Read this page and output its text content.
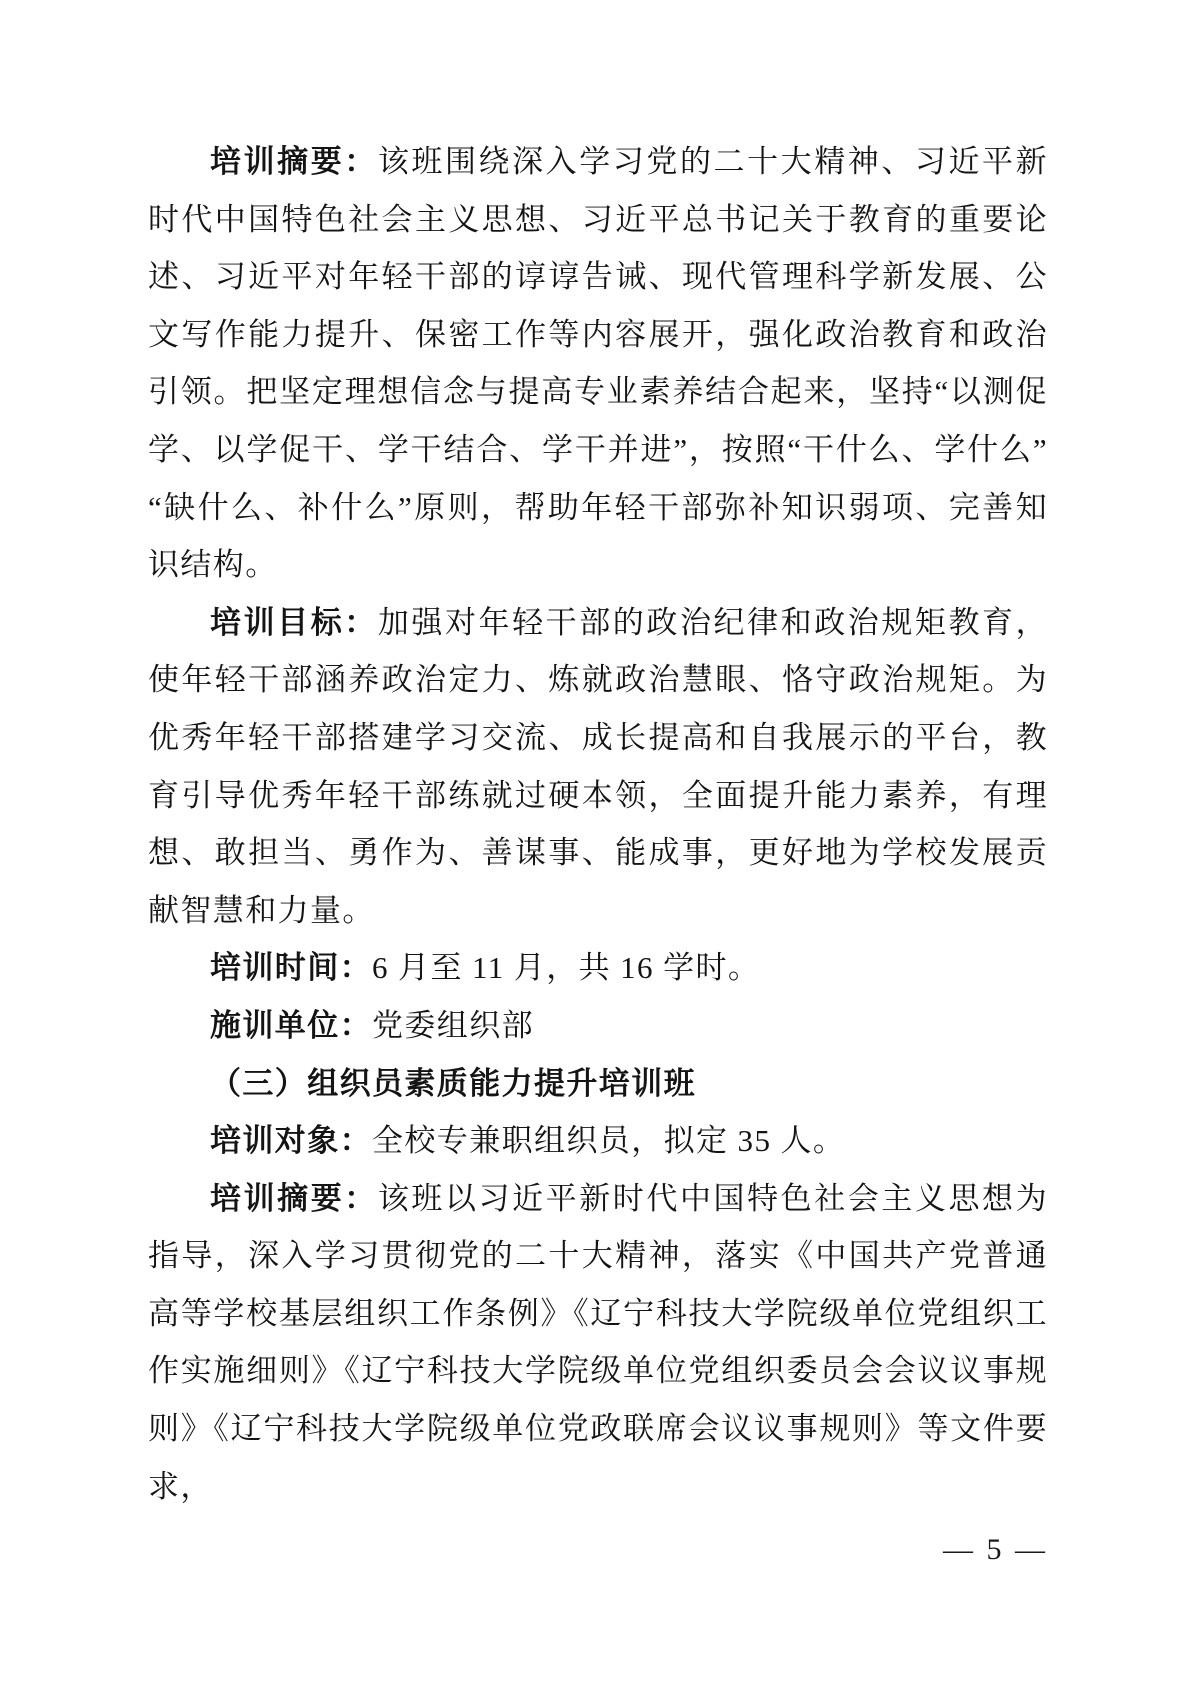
培训摘要：该班围绕深入学习党的二十大精神、习近平新时代中国特色社会主义思想、习近平总书记关于教育的重要论述、习近平对年轻干部的谆谆告诫、现代管理科学新发展、公文写作能力提升、保密工作等内容展开，强化政治教育和政治引领。把坚定理想信念与提高专业素养结合起来，坚持“以测促学、以学促干、学干结合、学干并进”，按照“干什么、学什么”“缺什么、补什么”原则，帮助年轻干部弥补知识弱项、完善知识结构。

培训目标：加强对年轻干部的政治纪律和政治规矩教育，使年轻干部涵养政治定力、炼就政治慧眼、恪守政治规矩。为优秀年轻干部搭建学习交流、成长提高和自我展示的平台，教育引导优秀年轻干部练就过硬本领，全面提升能力素养，有理想、敢担当、勇作为、善谋事、能成事，更好地为学校发展贡献智慧和力量。

培训时间：6 月至 11 月，共 16 学时。

施训单位：党委组织部

（三）组织员素质能力提升培训班

培训对象：全校专兼职组织员，拟定 35 人。

培训摘要：该班以习近平新时代中国特色社会主义思想为指导，深入学习贯彻党的二十大精神，落实《中国共产党普通高等学校基层组织工作条例》《辽宁科技大学院级单位党组织工作实施细则》《辽宁科技大学院级单位党组织委员会会议议事规则》《辽宁科技大学院级单位党政联席会议议事规则》等文件要求，

— 5 —
